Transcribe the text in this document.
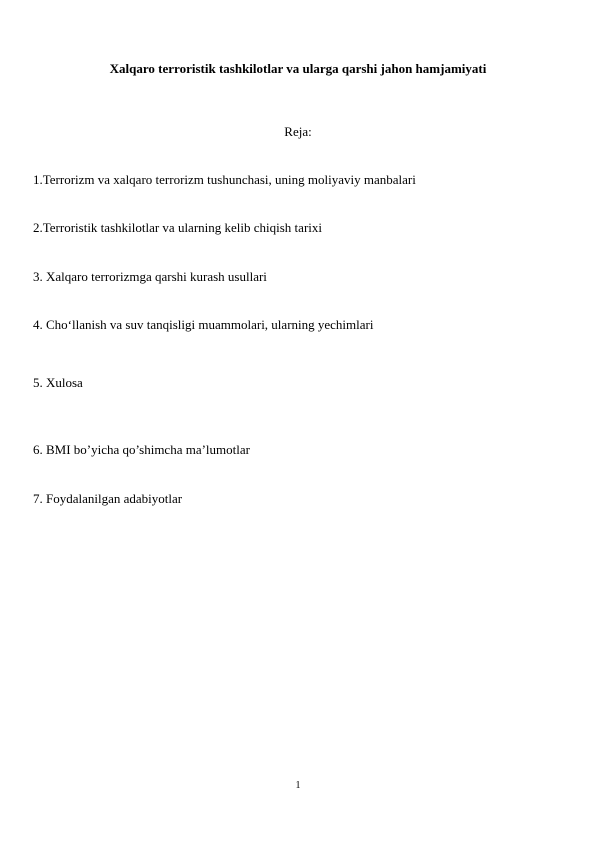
Xalqaro terroristik tashkilotlar va ularga qarshi jahon hamjamiyati
Reja:
1.Terrorizm va xalqaro terrorizm tushunchasi, uning moliyaviy manbalari
2.Terroristik tashkilotlar va ularning kelib chiqish tarixi
3. Xalqaro terrorizmga qarshi kurash usullari
4. Cho‘llanish va suv tanqisligi muammolari, ularning yechimlari
5. Xulosa
6. BMI bo’yicha qo’shimcha ma’lumotlar
7. Foydalanilgan adabiyotlar
1
